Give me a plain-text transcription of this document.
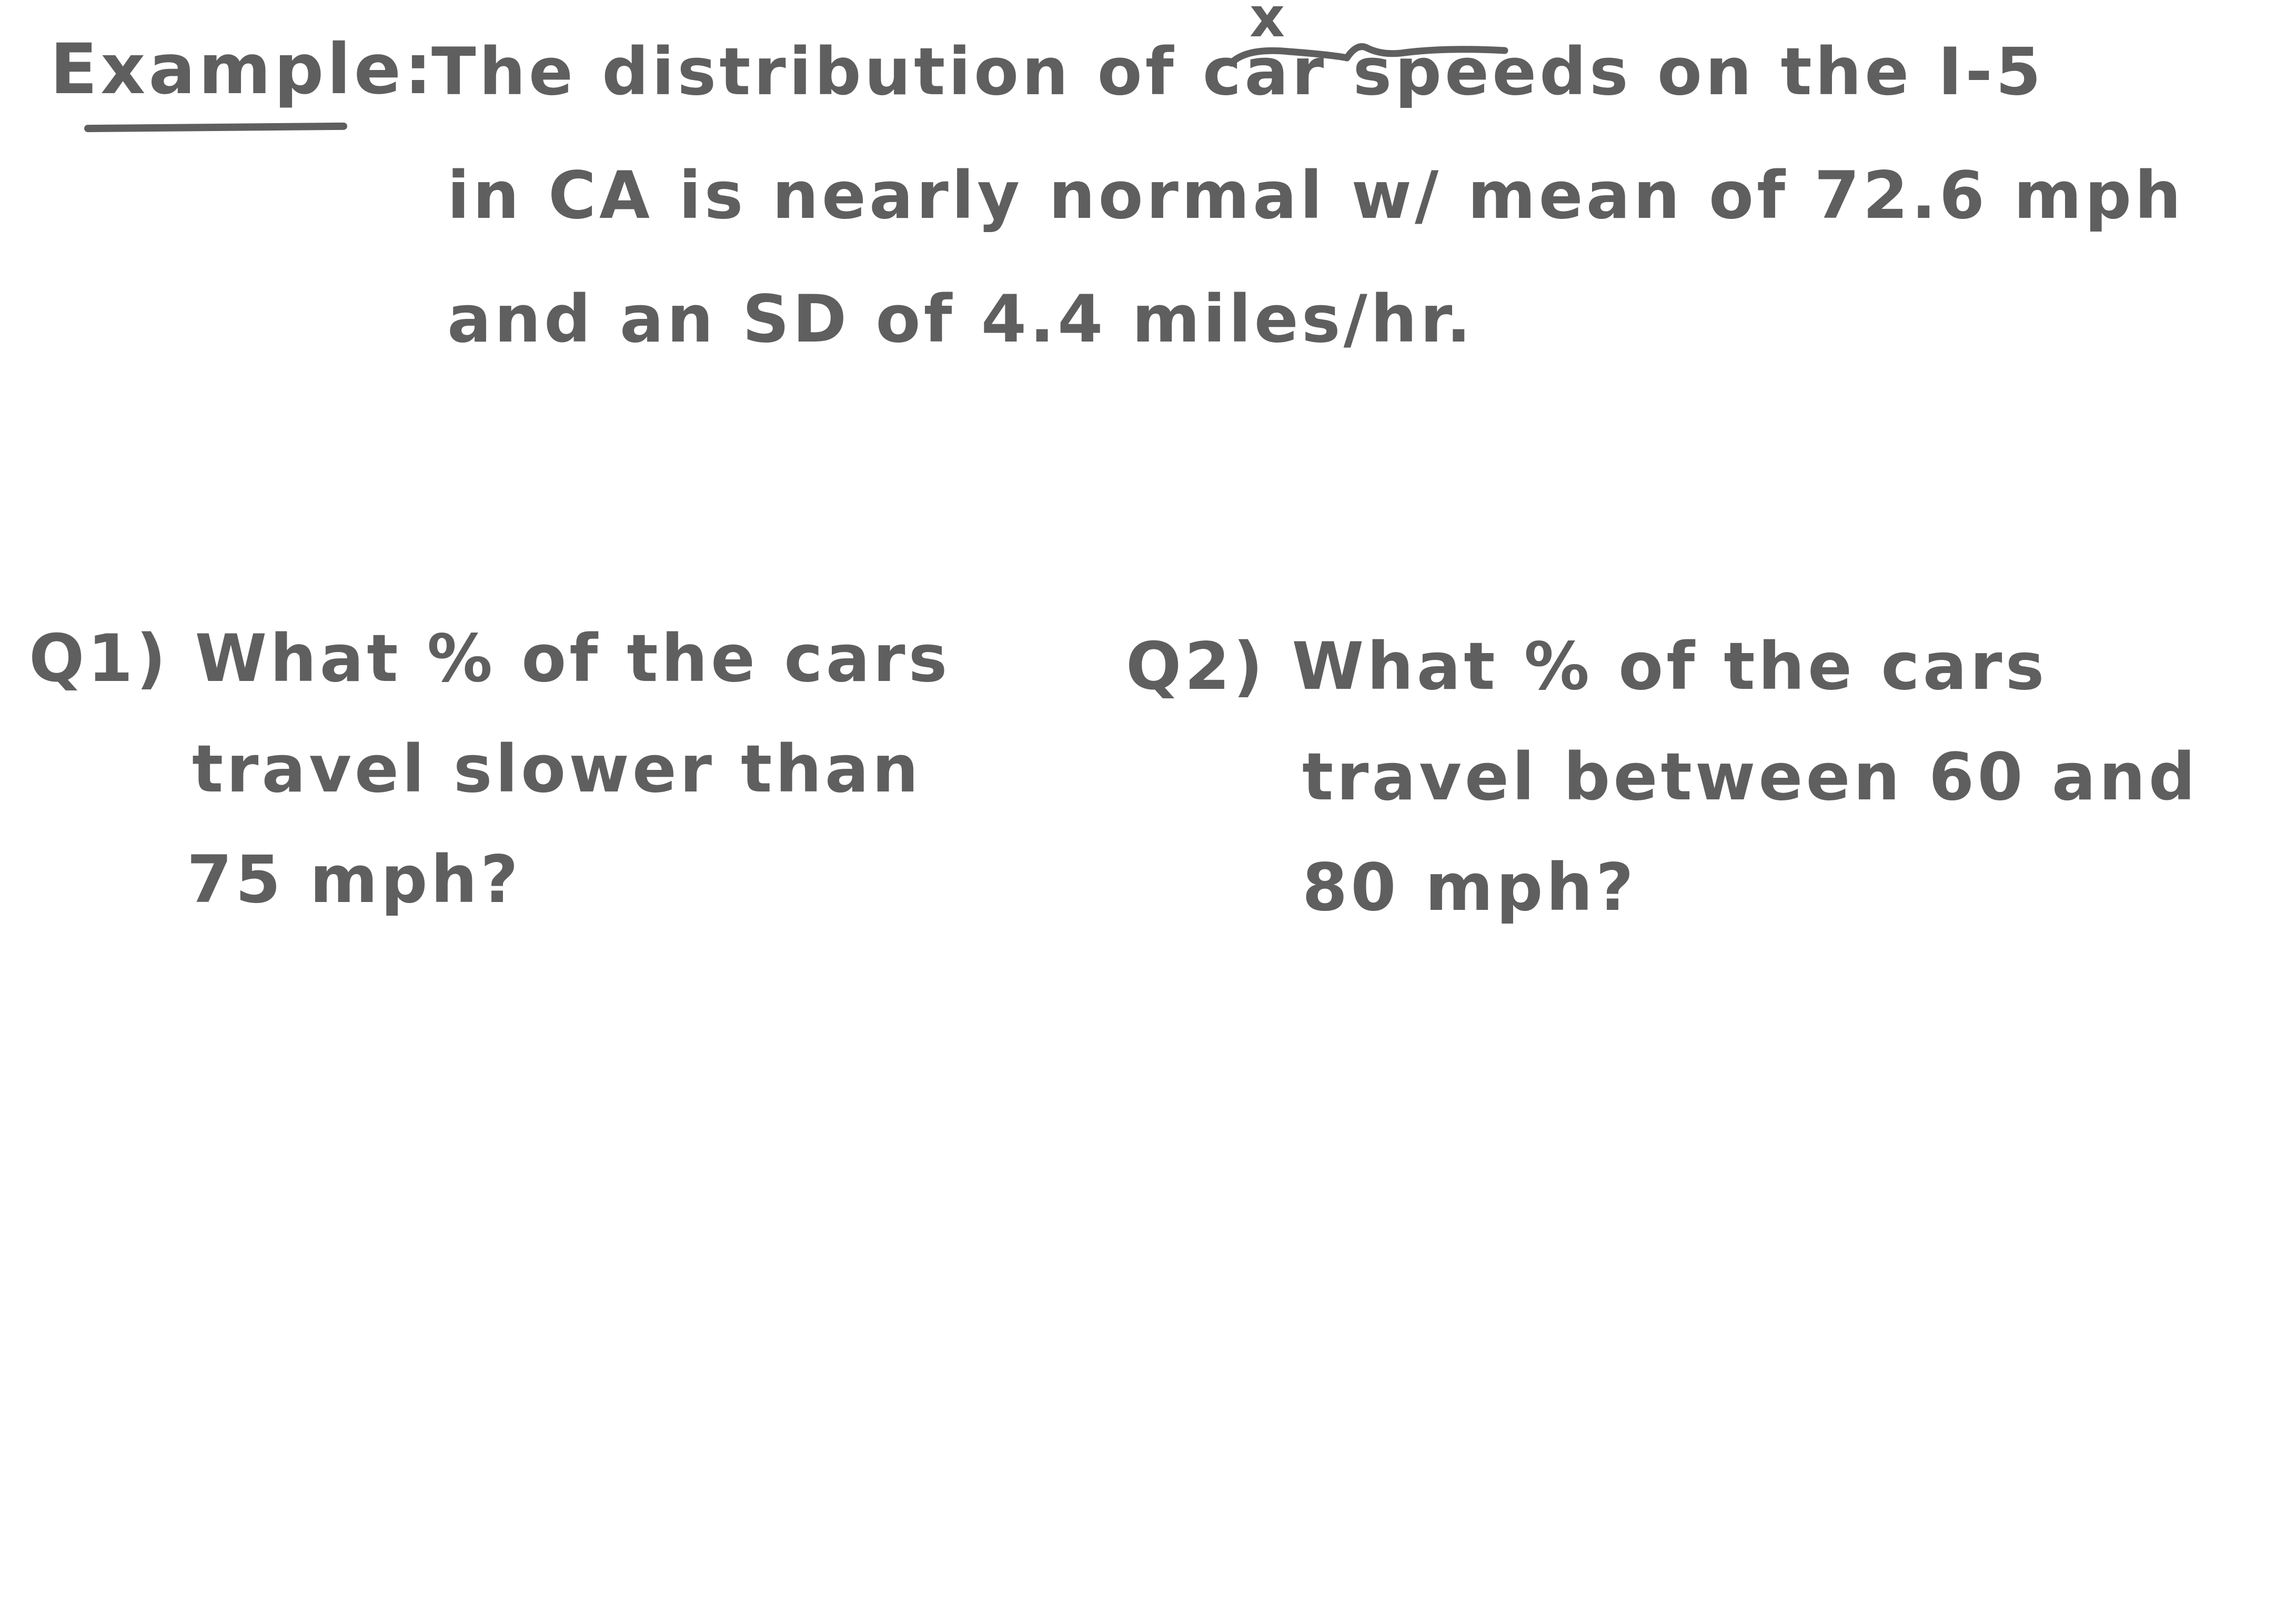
Example:
x
The distribution of car speeds on the I-5
in CA is nearly normal w/ mean of 72.6 mph
and an SD of 4.4 miles/hr.
Q1) What % of the cars
travel slower than
75 mph?
Q2) What % of the cars
travel between 60 and
80 mph?
